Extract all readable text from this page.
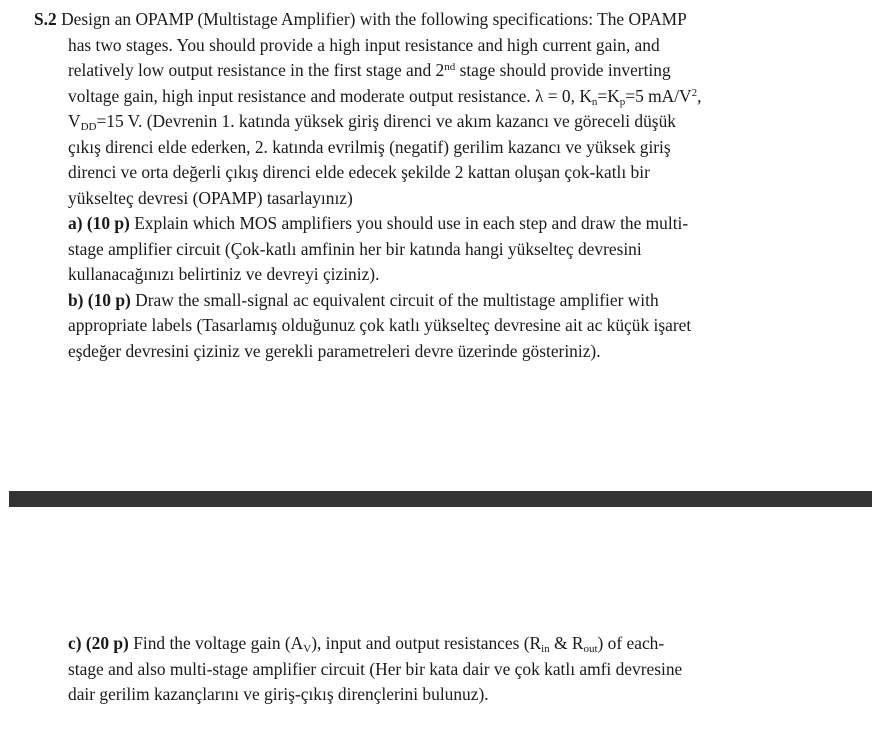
S.2 Design an OPAMP (Multistage Amplifier) with the following specifications: The OPAMP
has two stages. You should provide a high input resistance and high current gain, and
relatively low output resistance in the first stage and 2nd stage should provide inverting
voltage gain, high input resistance and moderate output resistance. λ = 0, $K_n=K_p=5$ $mA/V^2$,
$V_{DD}=15$ V. (Devrenin 1. katında yüksek giriş direnci ve akım kazancı ve göreceli düşük
çıkış direnci elde ederken, 2. katında evrilmiş (negatif) gerilim kazancı ve yüksek giriş
direnci ve orta değerli çıkış direnci elde edecek şekilde 2 kattan oluşan çok-katlı bir
yükselteç devresi (OPAMP) tasarlayınız)
a) (10 p) Explain which MOS amplifiers you should use in each step and draw the multi-
stage amplifier circuit (Çok-katlı amfinin her bir katında hangi yükselteç devresini
kullanacağınızı belirtiniz ve devreyi çiziniz).
b) (10 p) Draw the small-signal ac equivalent circuit of the multistage amplifier with
appropriate labels (Tasarlamış olduğunuz çok katlı yükselteç devresine ait ac küçük işaret
eşdeğer devresini çiziniz ve gerekli parametreleri devre üzerinde gösteriniz).
c) (20 p) Find the voltage gain $(A_V)$, input and output resistances ($R_{in}$ & $R_{out}$) of each-
stage and also multi-stage amplifier circuit (Her bir kata dair ve çok katlı amfi devresine
dair gerilim kazançlarını ve giriş-çıkış dirençlerini bulunuz).
